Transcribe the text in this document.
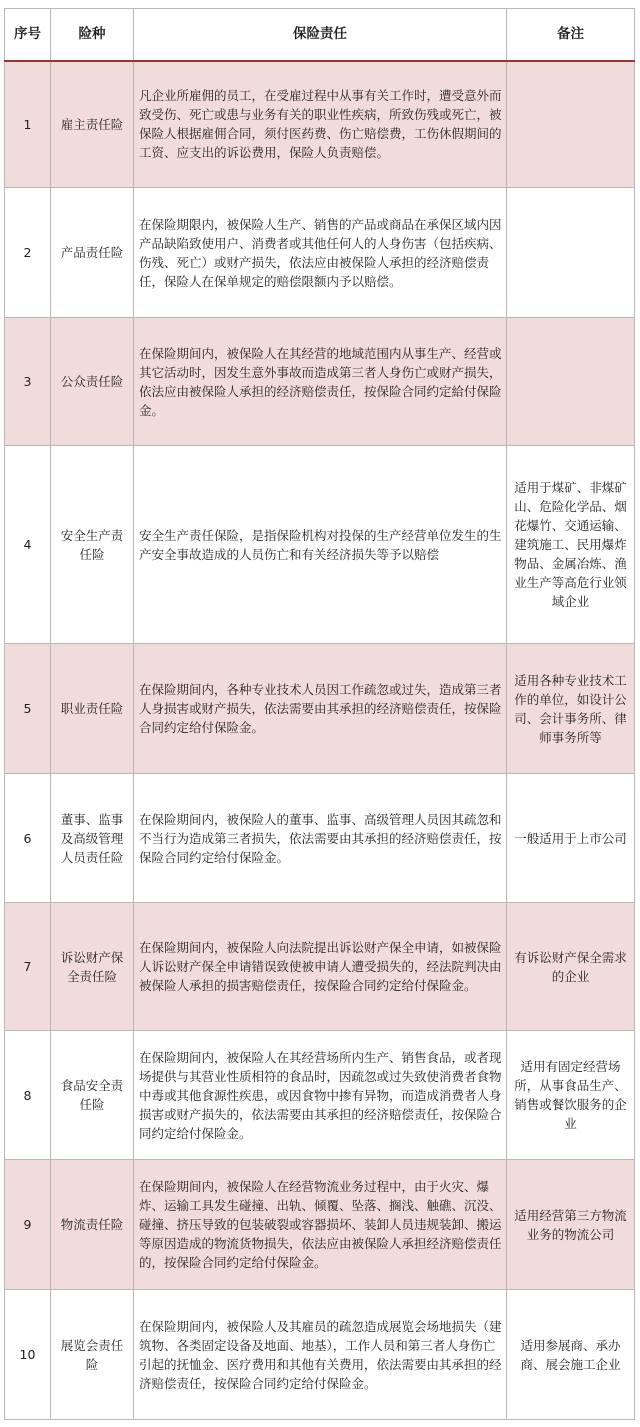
序号	险种	保险责任	备注
1	雇主责任险	凡企业所雇佣的员工，在受雇过程中从事有关工作时，遭受意外而致受伤、死亡或患与业务有关的职业性疾病，所致伤残或死亡，被保险人根据雇佣合同，须付医药费、伤亡赔偿费，工伤休假期间的工资、应支出的诉讼费用，保险人负责赔偿。	
2	产品责任险	在保险期限内，被保险人生产、销售的产品或商品在承保区域内因产品缺陷致使用户、消费者或其他任何人的人身伤害（包括疾病、伤残、死亡）或财产损失，依法应由被保险人承担的经济赔偿责任，保险人在保单规定的赔偿限额内予以赔偿。	
3	公众责任险	在保险期间内，被保险人在其经营的地域范围内从事生产、经营或其它活动时，因发生意外事故而造成第三者人身伤亡或财产损失，依法应由被保险人承担的经济赔偿责任，按保险合同约定給付保险金。	
4	安全生产责任险	安全生产责任保险，是指保险机构对投保的生产经营单位发生的生产安全事故造成的人员伤亡和有关经济损失等予以赔偿	适用于煤矿、非煤矿山、危险化学品、烟花爆竹、交通运输、建筑施工、民用爆炸物品、金属冶炼、渔业生产等高危行业领域企业
5	职业责任险	在保险期间内，各种专业技术人员因工作疏忽或过失，造成第三者人身损害或财产损失，依法需要由其承担的经济赔偿责任，按保险合同约定给付保险金。	适用各种专业技术工作的单位，如设计公司、会计事务所、律师事务所等
6	董事、监事及高级管理人员责任险	在保险期间内，被保险人的董事、监事、高级管理人员因其疏忽和不当行为造成第三者损失，依法需要由其承担的经济赔偿责任，按保险合同约定给付保险金。	一般适用于上市公司
7	诉讼财产保全责任险	在保险期间内，被保险人向法院提出诉讼财产保全申请，如被保险人诉讼财产保全申请错误致使被申请人遭受损失的，经法院判决由被保险人承担的损害赔偿责任，按保险合同约定给付保险金。	有诉讼财产保全需求的企业
8	食品安全责任险	在保险期间内，被保险人在其经营场所内生产、销售食品，或者现场提供与其营业性质相符的食品时，因疏忽或过失致使消费者食物中毒或其他食源性疾患，或因食物中掺有异物，而造成消费者人身损害或财产损失的，依法需要由其承担的经济赔偿责任，按保险合同约定给付保险金。	适用有固定经营场所，从事食品生产、销售或餐饮服务的企业
9	物流责任险	在保险期间内，被保险人在经营物流业务过程中，由于火灾、爆炸、运输工具发生碰撞、出轨、倾覆、坠落、搁浅、触礁、沉没、碰撞、挤压导致的包装破裂或容器损坏、装卸人员违规装卸、搬运等原因造成的物流货物损失，依法应由被保险人承担经济赔偿责任的，按保险合同约定给付保险金。	适用经营第三方物流业务的物流公司
10	展览会责任险	在保险期间内，被保险人及其雇员的疏忽造成展览会场地损失（建筑物、各类固定设备及地面、地基），工作人员和第三者人身伤亡引起的抚恤金、医疗费用和其他有关费用，依法需要由其承担的经济赔偿责任，按保险合同约定给付保险金。	适用参展商、承办商、展会施工企业
